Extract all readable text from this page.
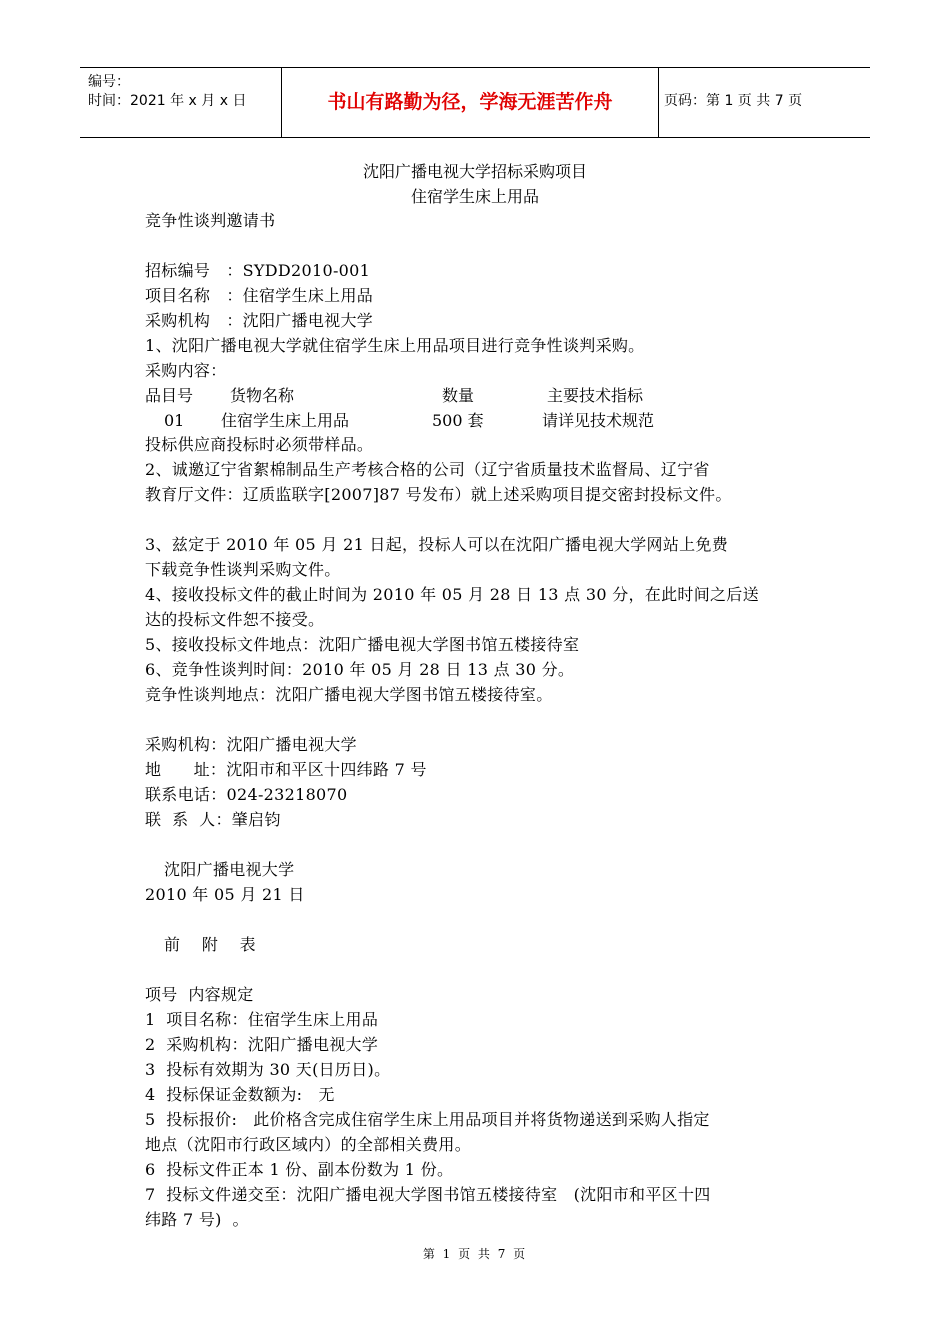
编号：
时间：2021 年 x 月 x 日	书山有路勤为径，学海无涯苦作舟	页码：第 1 页 共 7 页
沈阳广播电视大学招标采购项目
住宿学生床上用品
竞争性谈判邀请书
招标编号   ：SYDD2010-001
项目名称   ：住宿学生床上用品
采购机构   ：沈阳广播电视大学
1、沈阳广播电视大学就住宿学生床上用品项目进行竞争性谈判采购。
采购内容：
品目号 货物名称	数量	主要技术指标
01 住宿学生床上用品	500 套	请详见技术规范
投标供应商投标时必须带样品。
2、诚邀辽宁省絮棉制品生产考核合格的公司（辽宁省质量技术监督局、辽宁省
教育厅文件：辽质监联字[2007]87 号发布）就上述采购项目提交密封投标文件。
3、兹定于 2010 年 05 月 21 日起，投标人可以在沈阳广播电视大学网站上免费
下载竞争性谈判采购文件。
4、接收投标文件的截止时间为 2010 年 05 月 28 日 13 点 30 分，在此时间之后送
达的投标文件恕不接受。
5、接收投标文件地点：沈阳广播电视大学图书馆五楼接待室
6、竞争性谈判时间：2010 年 05 月 28 日 13 点 30 分。
竞争性谈判地点：沈阳广播电视大学图书馆五楼接待室。
采购机构：沈阳广播电视大学
地      址：沈阳市和平区十四纬路 7 号
联系电话：024-23218070
联  系  人：肇启钧
沈阳广播电视大学
2010 年 05 月 21 日
前    附    表
项号  内容规定
1  项目名称：住宿学生床上用品
2  采购机构：沈阳广播电视大学
3  投标有效期为 30 天(日历日)。
4  投标保证金数额为:   无
5  投标报价:   此价格含完成住宿学生床上用品项目并将货物递送到采购人指定
地点（沈阳市行政区域内）的全部相关费用。
6  投标文件正本 1 份、副本份数为 1 份。
7  投标文件递交至：沈阳广播电视大学图书馆五楼接待室   (沈阳市和平区十四
纬路 7 号)  。
第 1 页 共 7 页
